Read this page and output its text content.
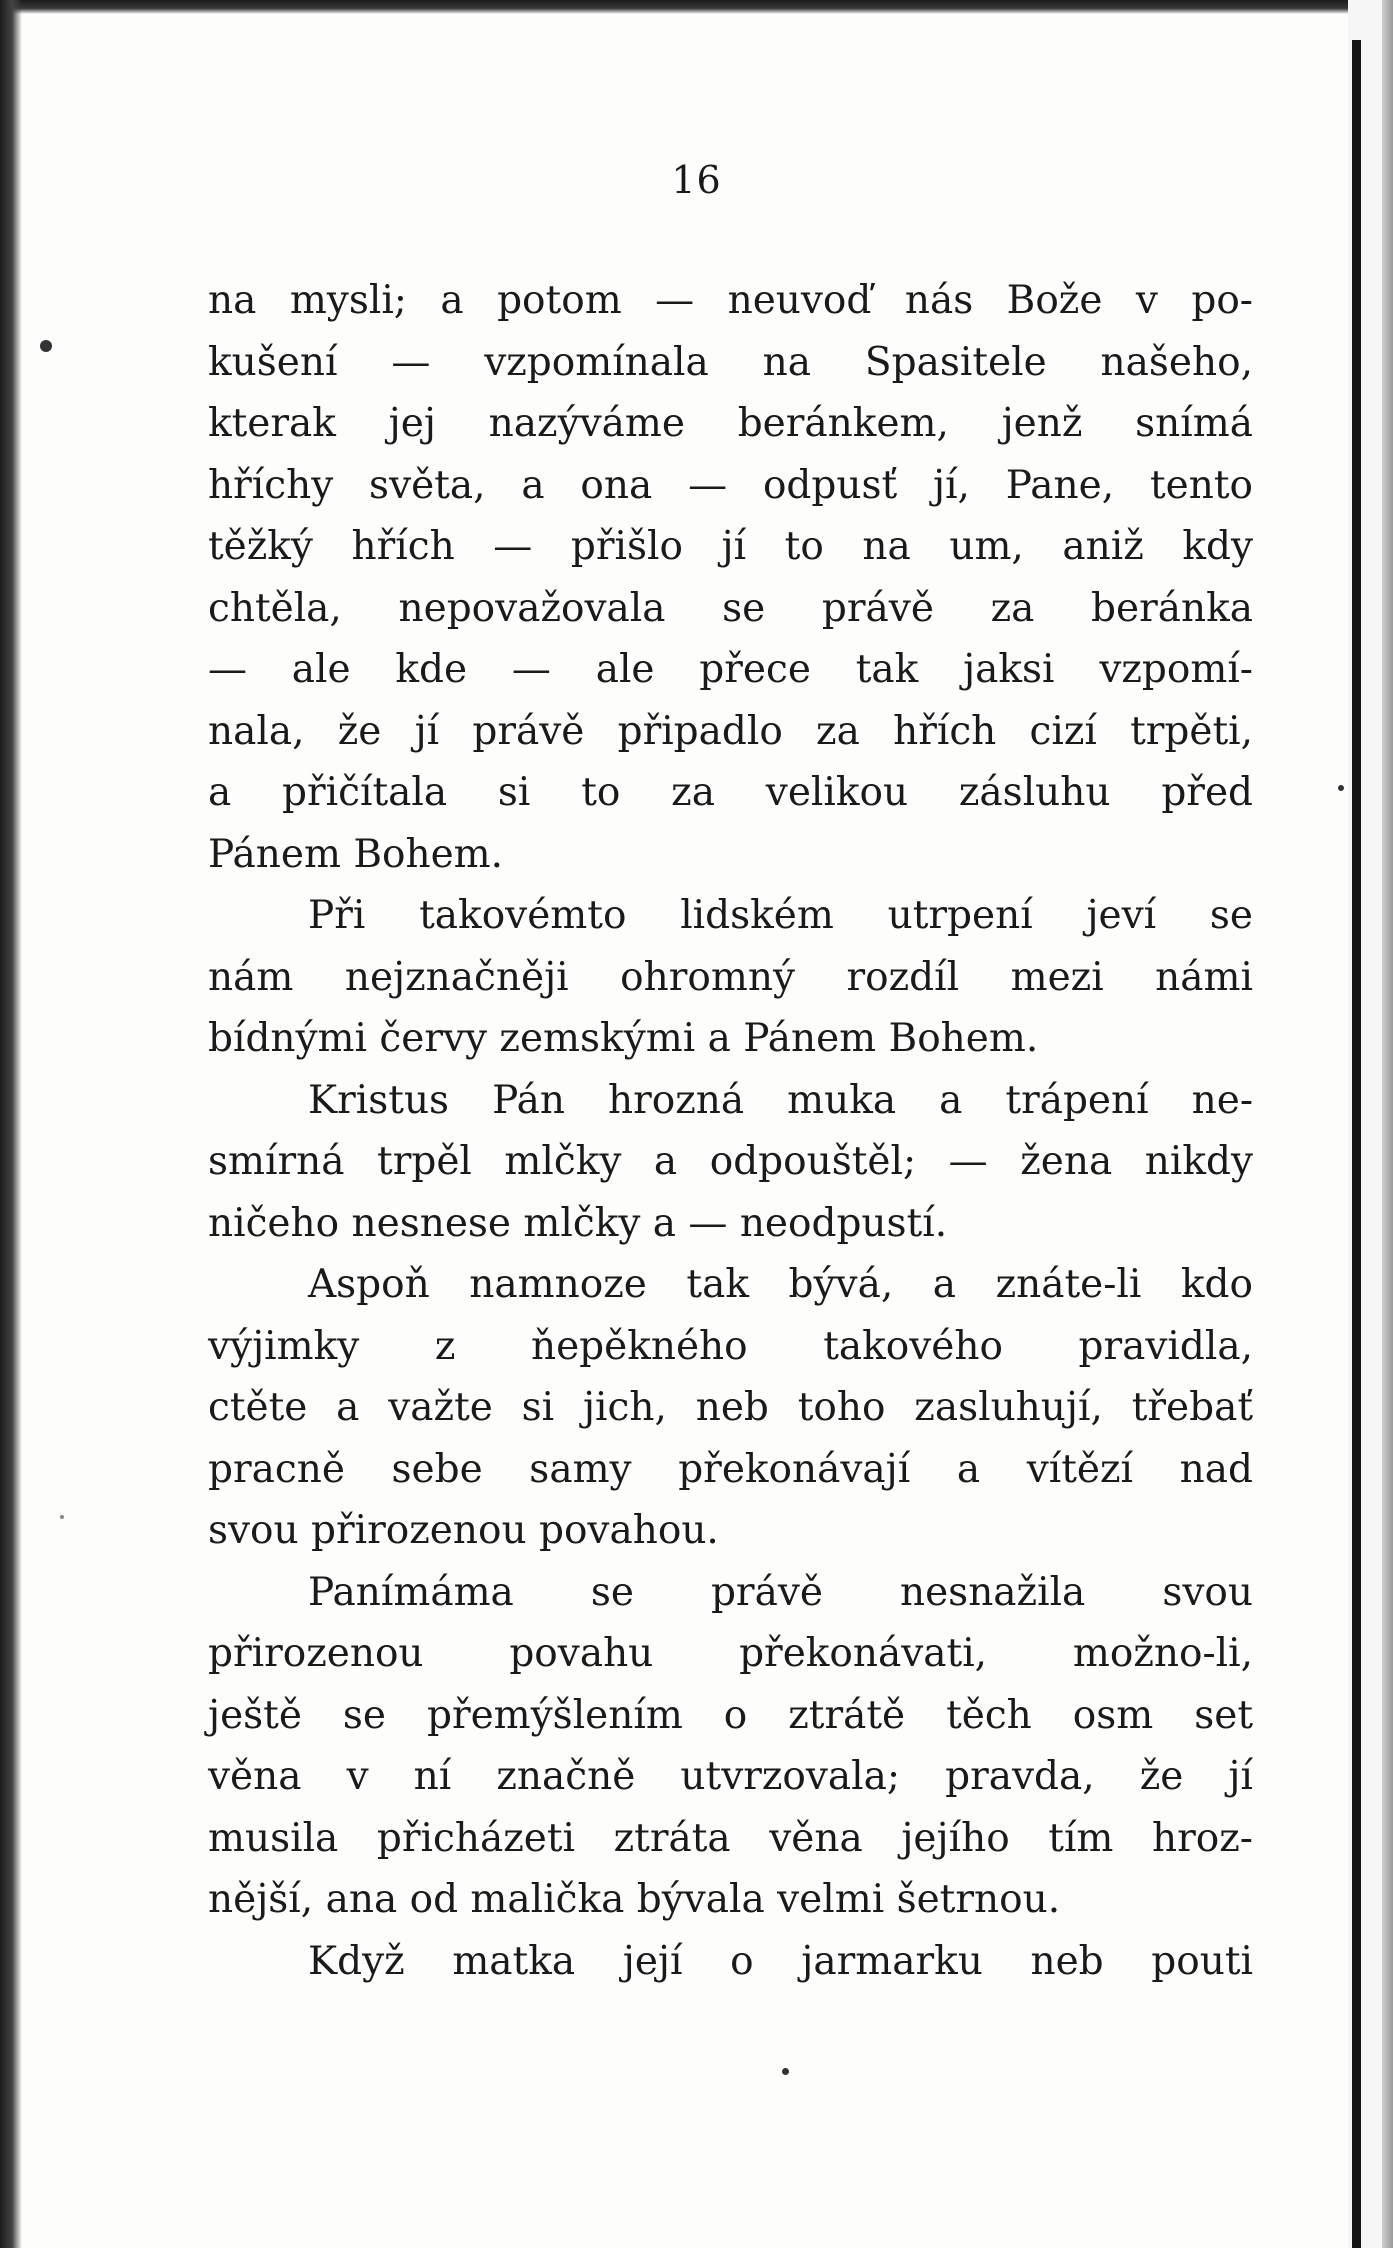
16
na mysli; a potom — neuvoď nás Bože v po-
kušení — vzpomínala na Spasitele našeho,
kterak jej nazýváme beránkem, jenž snímá
hříchy světa, a ona — odpusť jí, Pane, tento
těžký hřích — přišlo jí to na um, aniž kdy
chtěla, nepovažovala se právě za beránka
— ale kde — ale přece tak jaksi vzpomí-
nala, že jí právě připadlo za hřích cizí trpěti,
a přičítala si to za velikou zásluhu před
Pánem Bohem.
Při takovémto lidském utrpení jeví se
nám nejznačněji ohromný rozdíl mezi námi
bídnými červy zemskými a Pánem Bohem.
Kristus Pán hrozná muka a trápení ne-
smírná trpěl mlčky a odpouštěl; — žena nikdy
ničeho nesnese mlčky a — neodpustí.
Aspoň namnoze tak bývá, a znáte-li kdo
výjimky z ňepěkného takového pravidla,
ctěte a važte si jich, neb toho zasluhují, třebať
pracně sebe samy překonávají a vítězí nad
svou přirozenou povahou.
Panímáma se právě nesnažila svou
přirozenou povahu překonávati, možno-li,
ještě se přemýšlením o ztrátě těch osm set
věna v ní značně utvrzovala; pravda, že jí
musila přicházeti ztráta věna jejího tím hroz-
nější, ana od malička bývala velmi šetrnou.
Když matka její o jarmarku neb pouti
